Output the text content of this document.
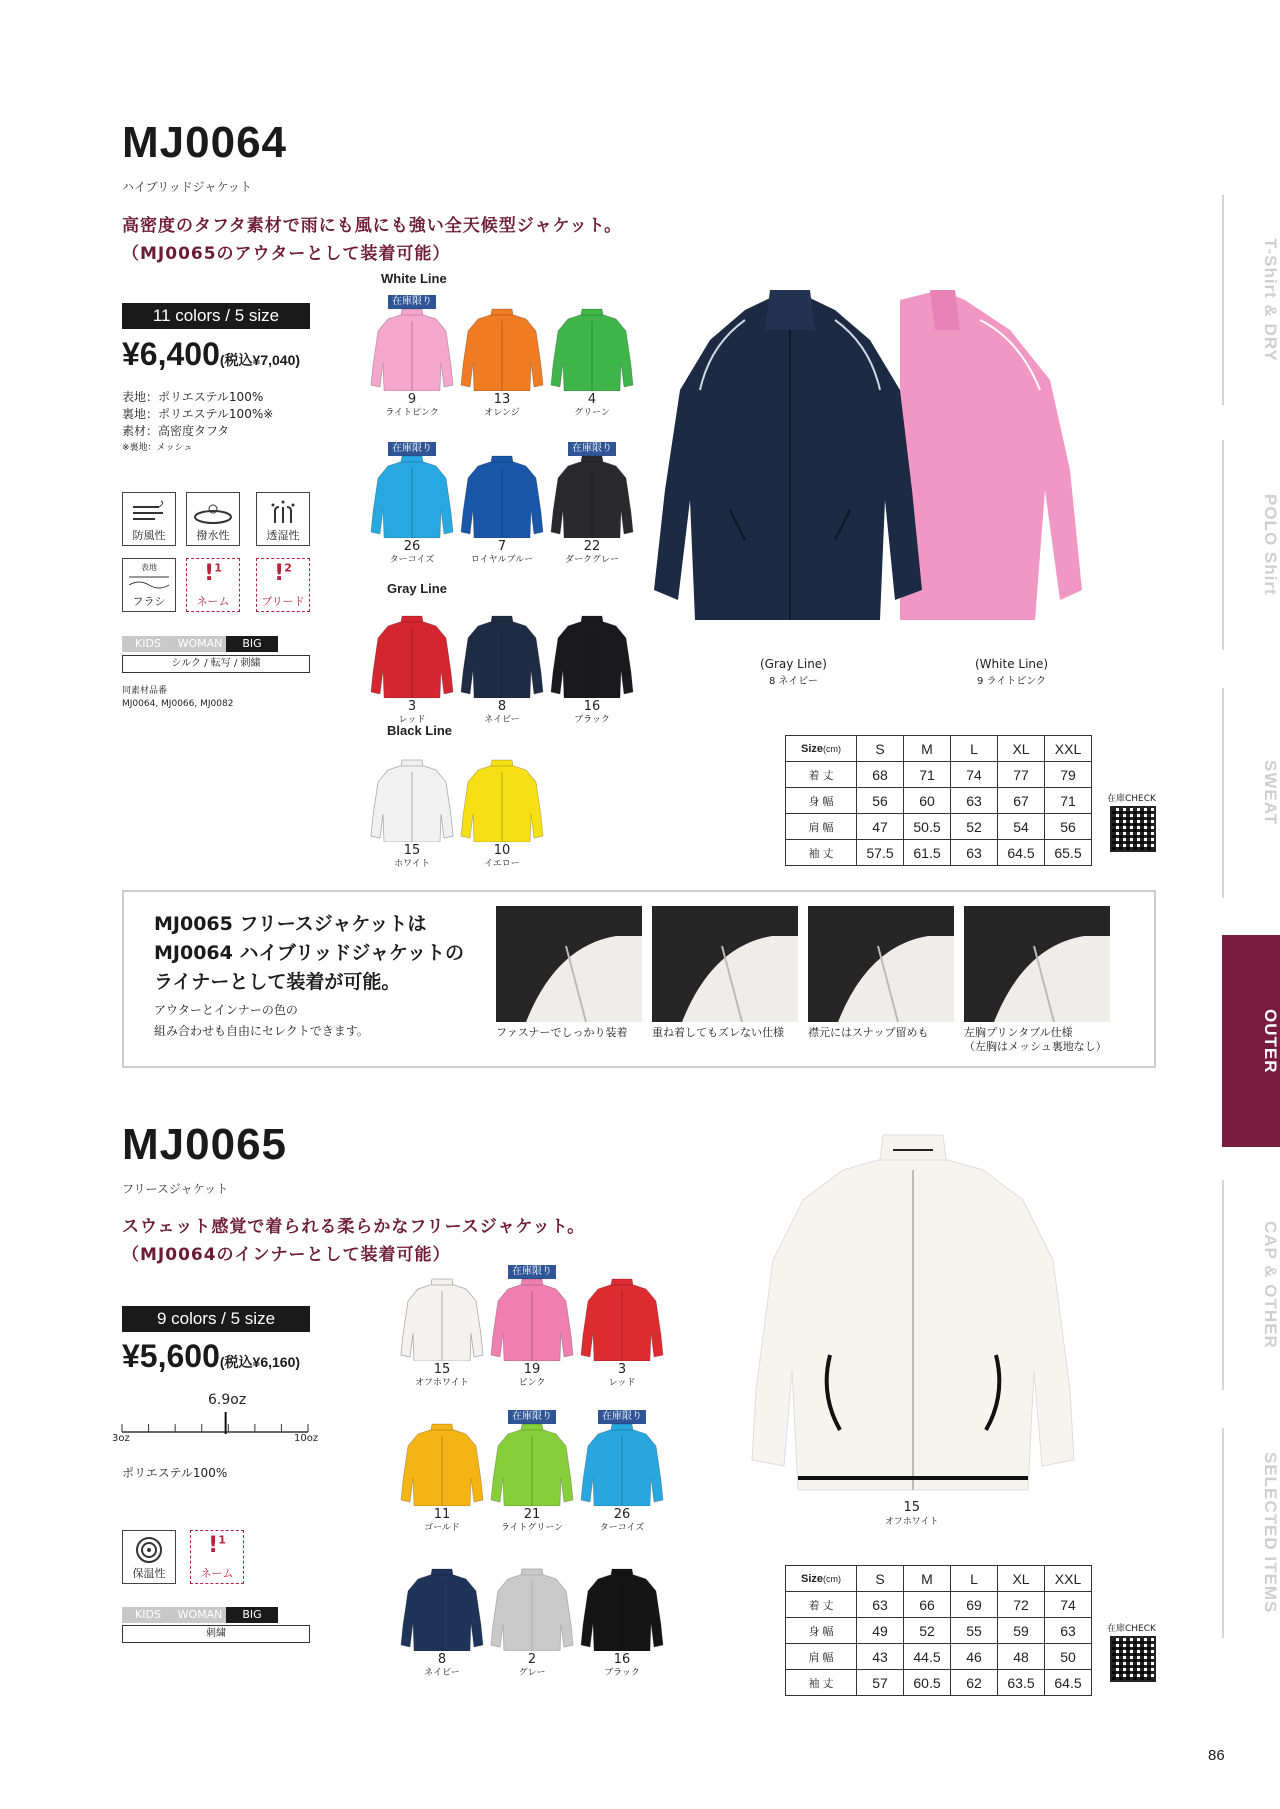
T-Shirt & DRY
POLO Shirt
SWEAT
OUTER
CAP & OTHER
SELECTED ITEMS
MJ0064
ハイブリッドジャケット
高密度のタフタ素材で雨にも風にも強い全天候型ジャケット。
（MJ0065のアウターとして装着可能）
11 colors / 5 size
¥6,400(税込¥7,040)
表地：ポリエステル100%
裏地：ポリエステル100%※
素材：高密度タフタ
※裏地：メッシュ
防風性	撥水性	透湿性
表地
フラシ
!$^1$
ネーム
!$^2$
ブリード
KIDS WOMAN BIG
シルク / 転写 / 刺繍
同素材品番
MJ0064, MJ0066, MJ0082
White Line
在庫限り
9
ライトピンク
13
オレンジ
4
グリーン
在庫限り
26
ターコイズ
7
ロイヤルブルー
在庫限り
22
ダークグレー
Gray Line
3
レッド
8
ネイビー
16
ブラック
Black Line
15
ホワイト
10
イエロー
(Gray Line)
8 ネイビー
(White Line)
9 ライトピンク
Size(cm)	S	M	L	XL	XXL
着 丈	68	71	74	77	79
身 幅	56	60	63	67	71
肩 幅	47	50.5	52	54	56
袖 丈	57.5	61.5	63	64.5	65.5
在庫CHECK
MJ0065 フリースジャケットは
MJ0064 ハイブリッドジャケットの
ライナーとして装着が可能。
アウターとインナーの色の
組み合わせも自由にセレクトできます。	ファスナーでしっかり装着	重ね着してもズレない仕様	襟元にはスナップ留めも	左胸プリンタブル仕様
（左胸はメッシュ裏地なし）
MJ0065
フリースジャケット
スウェット感覚で着られる柔らかなフリースジャケット。
（MJ0064のインナーとして装着可能）
9 colors / 5 size
¥5,600(税込¥6,160)
6.9oz
3oz	10oz
ポリエステル100%
保温性
!$^1$
ネーム
KIDS WOMAN BIG
刺繍
15
オフホワイト
在庫限り
19
ピンク
3
レッド
11
ゴールド
在庫限り
21
ライトグリーン
在庫限り
26
ターコイズ
8
ネイビー
2
グレー
16
ブラック
15
オフホワイト
Size(cm)	S	M	L	XL	XXL
着 丈	63	66	69	72	74
身 幅	49	52	55	59	63
肩 幅	43	44.5	46	48	50
袖 丈	57	60.5	62	63.5	64.5
在庫CHECK
86
